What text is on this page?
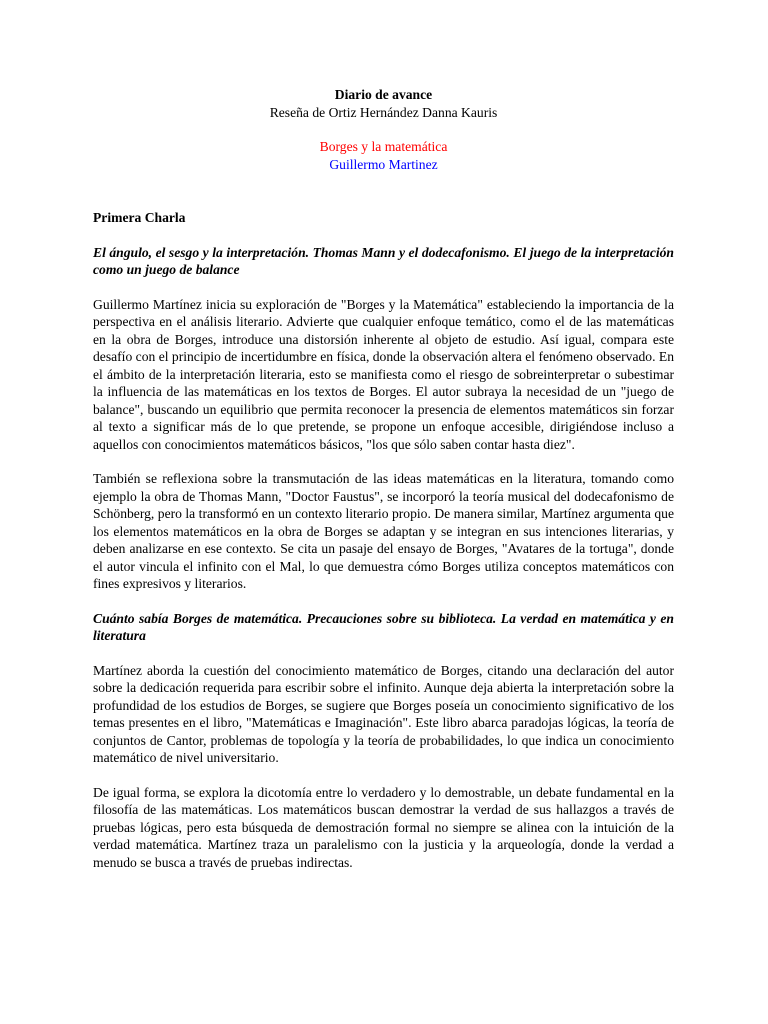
Diario de avance
Reseña de Ortiz Hernández Danna Kauris
Borges y la matemática
Guillermo Martinez
Primera Charla
El ángulo, el sesgo y la interpretación. Thomas Mann y el dodecafonismo. El juego de la interpretación como un juego de balance

Guillermo Martínez inicia su exploración de "Borges y la Matemática" estableciendo la importancia de la perspectiva en el análisis literario. Advierte que cualquier enfoque temático, como el de las matemáticas en la obra de Borges, introduce una distorsión inherente al objeto de estudio. Así igual, compara este desafío con el principio de incertidumbre en física, donde la observación altera el fenómeno observado. En el ámbito de la interpretación literaria, esto se manifiesta como el riesgo de sobreinterpretar o subestimar la influencia de las matemáticas en los textos de Borges. El autor subraya la necesidad de un "juego de balance", buscando un equilibrio que permita reconocer la presencia de elementos matemáticos sin forzar al texto a significar más de lo que pretende, se propone un enfoque accesible, dirigiéndose incluso a aquellos con conocimientos matemáticos básicos, "los que sólo saben contar hasta diez".

También se reflexiona sobre la transmutación de las ideas matemáticas en la literatura, tomando como ejemplo la obra de Thomas Mann, "Doctor Faustus", se incorporó la teoría musical del dodecafonismo de Schönberg, pero la transformó en un contexto literario propio. De manera similar, Martínez argumenta que los elementos matemáticos en la obra de Borges se adaptan y se integran en sus intenciones literarias, y deben analizarse en ese contexto. Se cita un pasaje del ensayo de Borges, "Avatares de la tortuga", donde el autor vincula el infinito con el Mal, lo que demuestra cómo Borges utiliza conceptos matemáticos con fines expresivos y literarios.

Cuánto sabía Borges de matemática. Precauciones sobre su biblioteca. La verdad en matemática y en literatura

Martínez aborda la cuestión del conocimiento matemático de Borges, citando una declaración del autor sobre la dedicación requerida para escribir sobre el infinito. Aunque deja abierta la interpretación sobre la profundidad de los estudios de Borges, se sugiere que Borges poseía un conocimiento significativo de los temas presentes en el libro, "Matemáticas e Imaginación". Este libro abarca paradojas lógicas, la teoría de conjuntos de Cantor, problemas de topología y la teoría de probabilidades, lo que indica un conocimiento matemático de nivel universitario.

De igual forma, se explora la dicotomía entre lo verdadero y lo demostrable, un debate fundamental en la filosofía de las matemáticas. Los matemáticos buscan demostrar la verdad de sus hallazgos a través de pruebas lógicas, pero esta búsqueda de demostración formal no siempre se alinea con la intuición de la verdad matemática. Martínez traza un paralelismo con la justicia y la arqueología, donde la verdad a menudo se busca a través de pruebas indirectas.
